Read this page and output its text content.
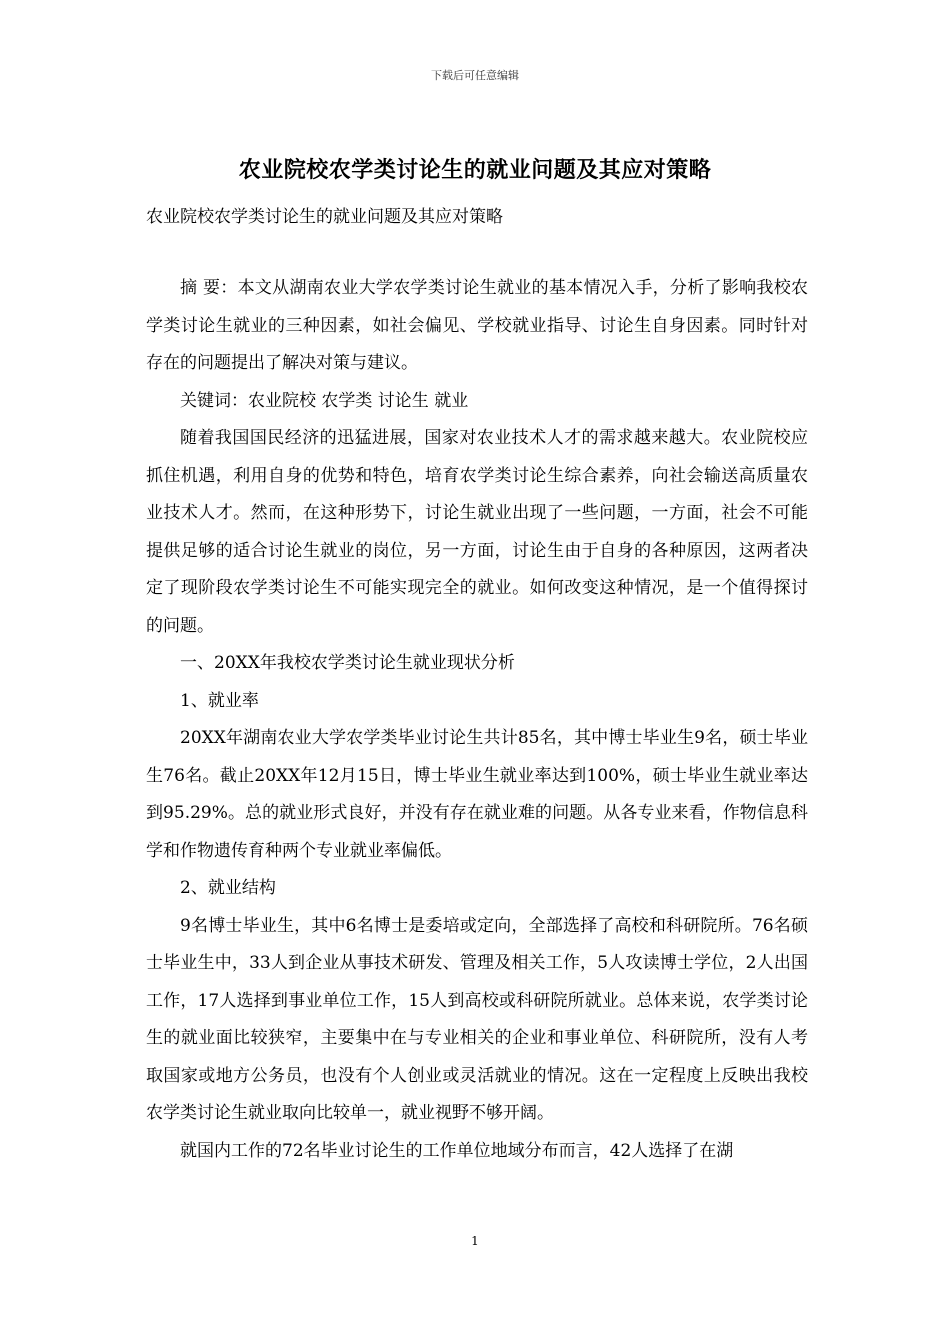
下载后可任意编辑
农业院校农学类讨论生的就业问题及其应对策略
农业院校农学类讨论生的就业问题及其应对策略

摘 要：本文从湖南农业大学农学类讨论生就业的基本情况入手，分析了影响我校农学类讨论生就业的三种因素，如社会偏见、学校就业指导、讨论生自身因素。同时针对存在的问题提出了解决对策与建议。

关键词：农业院校 农学类 讨论生 就业

随着我国国民经济的迅猛进展，国家对农业技术人才的需求越来越大。农业院校应抓住机遇，利用自身的优势和特色，培育农学类讨论生综合素养，向社会输送高质量农业技术人才。然而，在这种形势下，讨论生就业出现了一些问题，一方面，社会不可能提供足够的适合讨论生就业的岗位，另一方面，讨论生由于自身的各种原因，这两者决定了现阶段农学类讨论生不可能实现完全的就业。如何改变这种情况，是一个值得探讨的问题。

一、20XX年我校农学类讨论生就业现状分析

1、就业率

20XX年湖南农业大学农学类毕业讨论生共计85名，其中博士毕业生9名，硕士毕业生76名。截止20XX年12月15日，博士毕业生就业率达到100%，硕士毕业生就业率达到95.29%。总的就业形式良好，并没有存在就业难的问题。从各专业来看，作物信息科学和作物遗传育种两个专业就业率偏低。

2、就业结构

9名博士毕业生，其中6名博士是委培或定向，全部选择了高校和科研院所。76名硕士毕业生中，33人到企业从事技术研发、管理及相关工作，5人攻读博士学位，2人出国工作，17人选择到事业单位工作，15人到高校或科研院所就业。总体来说，农学类讨论生的就业面比较狭窄，主要集中在与专业相关的企业和事业单位、科研院所，没有人考取国家或地方公务员，也没有个人创业或灵活就业的情况。这在一定程度上反映出我校农学类讨论生就业取向比较单一，就业视野不够开阔。

就国内工作的72名毕业讨论生的工作单位地域分布而言，42人选择了在湖

1
